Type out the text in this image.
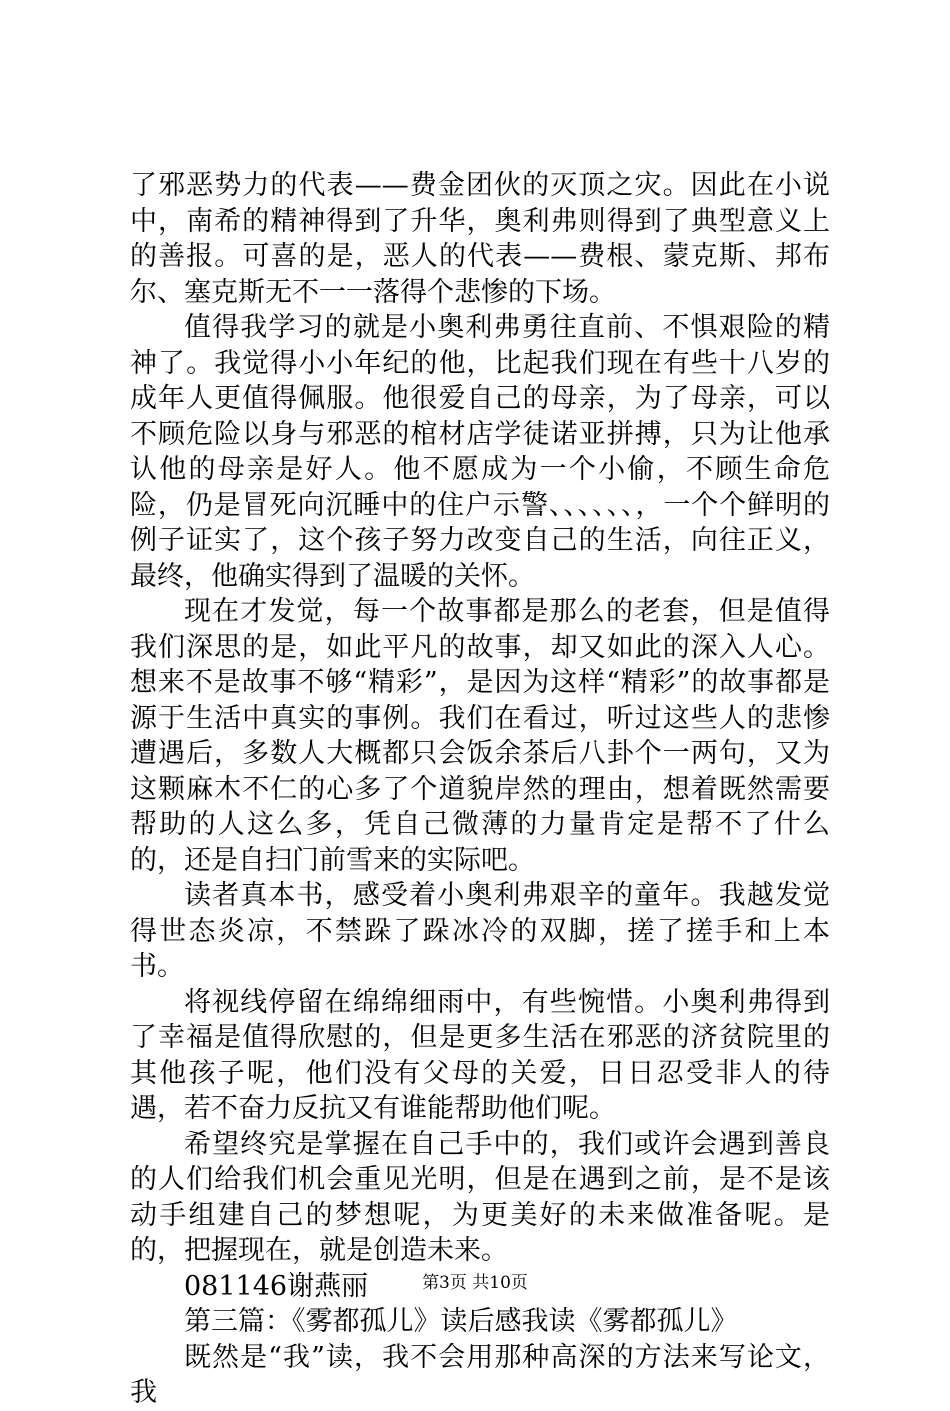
了邪恶势力的代表——费金团伙的灭顶之灾。因此在小说中，南希的精神得到了升华，奥利弗则得到了典型意义上的善报。可喜的是，恶人的代表——费根、蒙克斯、邦布尔、塞克斯无不一一落得个悲惨的下场。

值得我学习的就是小奥利弗勇往直前、不惧艰险的精神了。我觉得小小年纪的他，比起我们现在有些十八岁的成年人更值得佩服。他很爱自己的母亲，为了母亲，可以不顾危险以身与邪恶的棺材店学徒诺亚拼搏，只为让他承认他的母亲是好人。他不愿成为一个小偷，不顾生命危险，仍是冒死向沉睡中的住户示警、、、、、、，一个个鲜明的例子证实了，这个孩子努力改变自己的生活，向往正义，最终，他确实得到了温暖的关怀。

现在才发觉，每一个故事都是那么的老套，但是值得我们深思的是，如此平凡的故事，却又如此的深入人心。想来不是故事不够“精彩”，是因为这样“精彩”的故事都是源于生活中真实的事例。我们在看过，听过这些人的悲惨遭遇后，多数人大概都只会饭余茶后八卦个一两句，又为这颗麻木不仁的心多了个道貌岸然的理由，想着既然需要帮助的人这么多，凭自己微薄的力量肯定是帮不了什么的，还是自扫门前雪来的实际吧。

读者真本书，感受着小奥利弗艰辛的童年。我越发觉得世态炎凉，不禁跺了跺冰冷的双脚，搓了搓手和上本书。

将视线停留在绵绵细雨中，有些惋惜。小奥利弗得到了幸福是值得欣慰的，但是更多生活在邪恶的济贫院里的其他孩子呢，他们没有父母的关爱，日日忍受非人的待遇，若不奋力反抗又有谁能帮助他们呢。

希望终究是掌握在自己手中的，我们或许会遇到善良的人们给我们机会重见光明，但是在遇到之前，是不是该动手组建自己的梦想呢，为更美好的未来做准备呢。是的，把握现在，就是创造未来。

081146谢燕丽

第三篇：《雾都孤儿》读后感我读《雾都孤儿》

既然是“我”读，我不会用那种高深的方法来写论文，我

第3页 共10页
